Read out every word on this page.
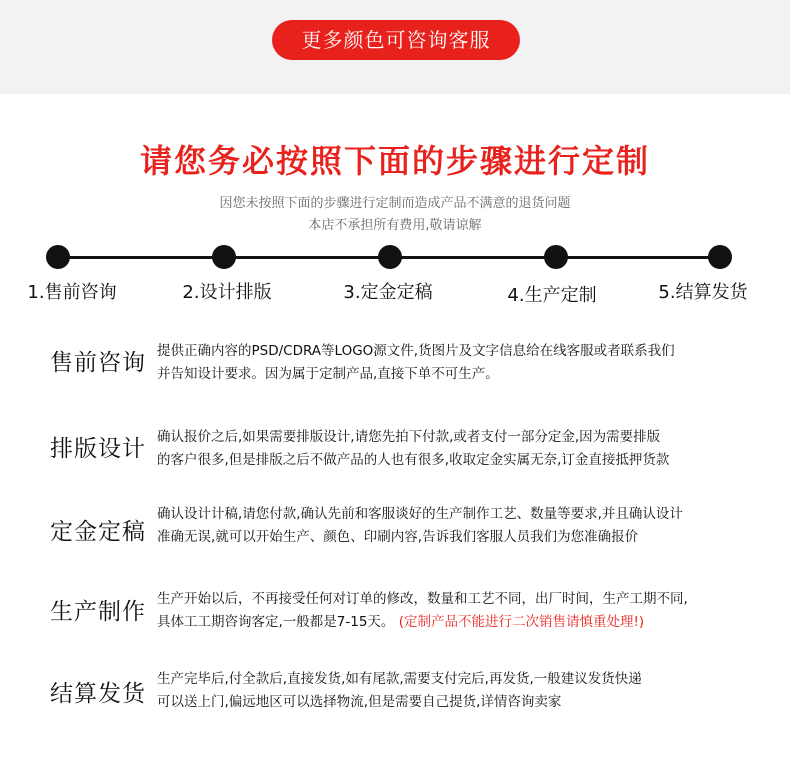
更多颜色可咨询客服
请您务必按照下面的步骤进行定制
因您未按照下面的步骤进行定制而造成产品不满意的退货问题
本店不承担所有费用,敬请谅解
1.售前咨询	2.设计排版	3.定金定稿	4.生产定制	5.结算发货
售前咨询 提供正确内容的PSD/CDRA等LOGO源文件,货图片及文字信息给在线客服或者联系我们
并告知设计要求。因为属于定制产品,直接下单不可生产。
排版设计 确认报价之后,如果需要排版设计,请您先拍下付款,或者支付一部分定金,因为需要排版
的客户很多,但是排版之后不做产品的人也有很多,收取定金实属无奈,订金直接抵押货款
定金定稿
确认设计计稿,请您付款,确认先前和客服谈好的生产制作工艺、数量等要求,并且确认设计
准确无误,就可以开始生产、颜色、印刷内容,告诉我们客服人员我们为您准确报价
生产制作 生产开始以后，不再接受任何对订单的修改，数量和工艺不同，出厂时间，生产工期不同,
具体工工期咨询客定,一般都是7-15天。 (定制产品不能进行二次销售请慎重处理!)
结算发货
生产完毕后,付全款后,直接发货,如有尾款,需要支付完后,再发货,一般建议发货快递
可以送上门,偏远地区可以选择物流,但是需要自己提货,详情咨询卖家
